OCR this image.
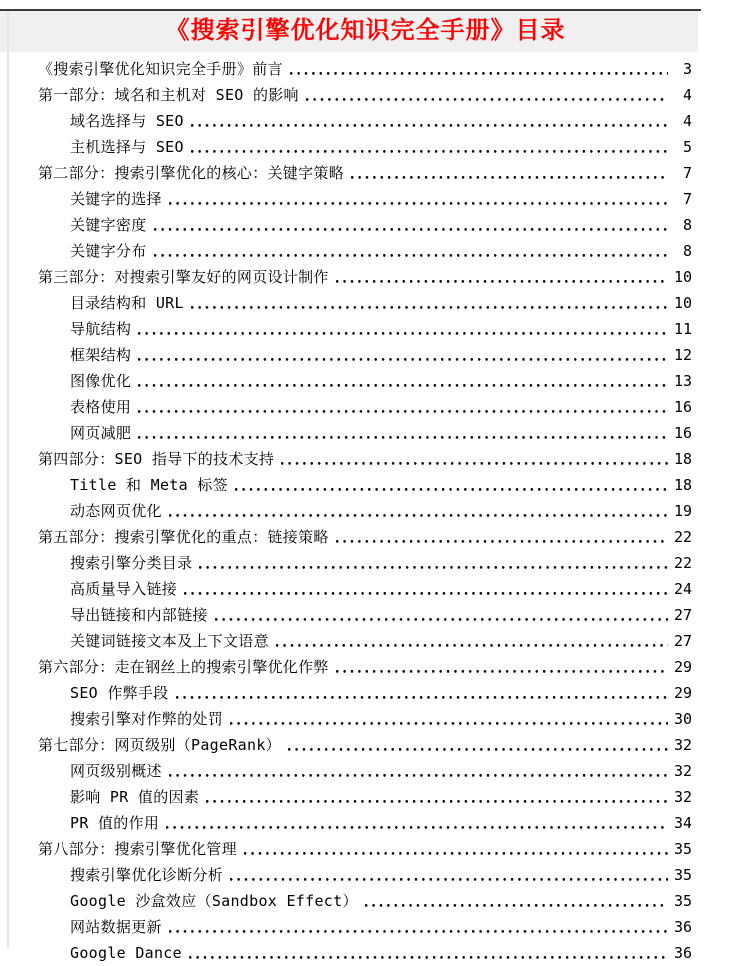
《搜索引擎优化知识完全手册》目录
《搜索引擎优化知识完全手册》前言	3
第一部分：域名和主机对 SEO 的影响	4
域名选择与 SEO	4
主机选择与 SEO	5
第二部分：搜索引擎优化的核心：关键字策略	7
关键字的选择	7
关键字密度	8
关键字分布	8
第三部分：对搜索引擎友好的网页设计制作	10
目录结构和 URL	10
导航结构	11
框架结构	12
图像优化	13
表格使用	16
网页减肥	16
第四部分：SEO 指导下的技术支持	18
Title 和 Meta 标签	18
动态网页优化	19
第五部分：搜索引擎优化的重点：链接策略	22
搜索引擎分类目录	22
高质量导入链接	24
导出链接和内部链接	27
关键词链接文本及上下文语意	27
第六部分：走在钢丝上的搜索引擎优化作弊	29
SEO 作弊手段	29
搜索引擎对作弊的处罚	30
第七部分：网页级别（PageRank）	32
网页级别概述	32
影响 PR 值的因素	32
PR 值的作用	34
第八部分：搜索引擎优化管理	35
搜索引擎优化诊断分析	35
Google 沙盒效应（Sandbox Effect）	35
网站数据更新	36
Google Dance	36
